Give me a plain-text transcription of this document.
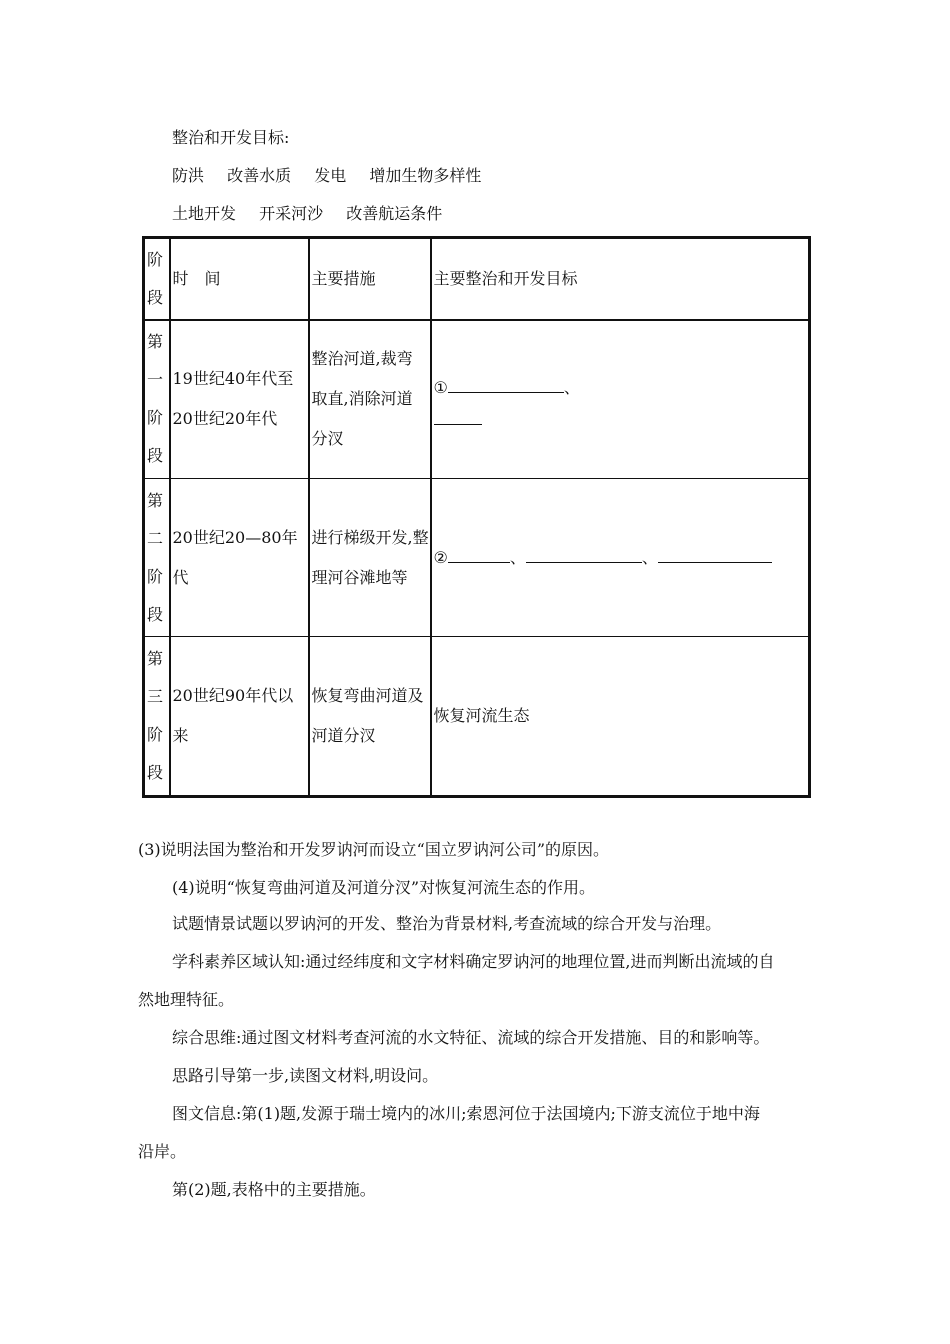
整治和开发目标:
防洪 改善水质 发电 增加生物多样性
土地开发 开采河沙 改善航运条件
阶段	时　间	主要措施	主要整治和开发目标

第一阶段	19世纪40年代至20世纪20年代	整治河道,裁弯取直,消除河道分汊	① 、

第二阶段	20世纪20—80年代	进行梯级开发,整理河谷滩地等	② 、 、

第三阶段	20世纪90年代以来	恢复弯曲河道及河道分汊	恢复河流生态
(3)说明法国为整治和开发罗讷河而设立“国立罗讷河公司”的原因。
(4)说明“恢复弯曲河道及河道分汊”对恢复河流生态的作用。
试题情景试题以罗讷河的开发、整治为背景材料,考查流域的综合开发与治理。
学科素养区域认知:通过经纬度和文字材料确定罗讷河的地理位置,进而判断出流域的自
然地理特征。
综合思维:通过图文材料考查河流的水文特征、流域的综合开发措施、目的和影响等。
思路引导第一步,读图文材料,明设问。
图文信息:第(1)题,发源于瑞士境内的冰川;索恩河位于法国境内;下游支流位于地中海
沿岸。
第(2)题,表格中的主要措施。
